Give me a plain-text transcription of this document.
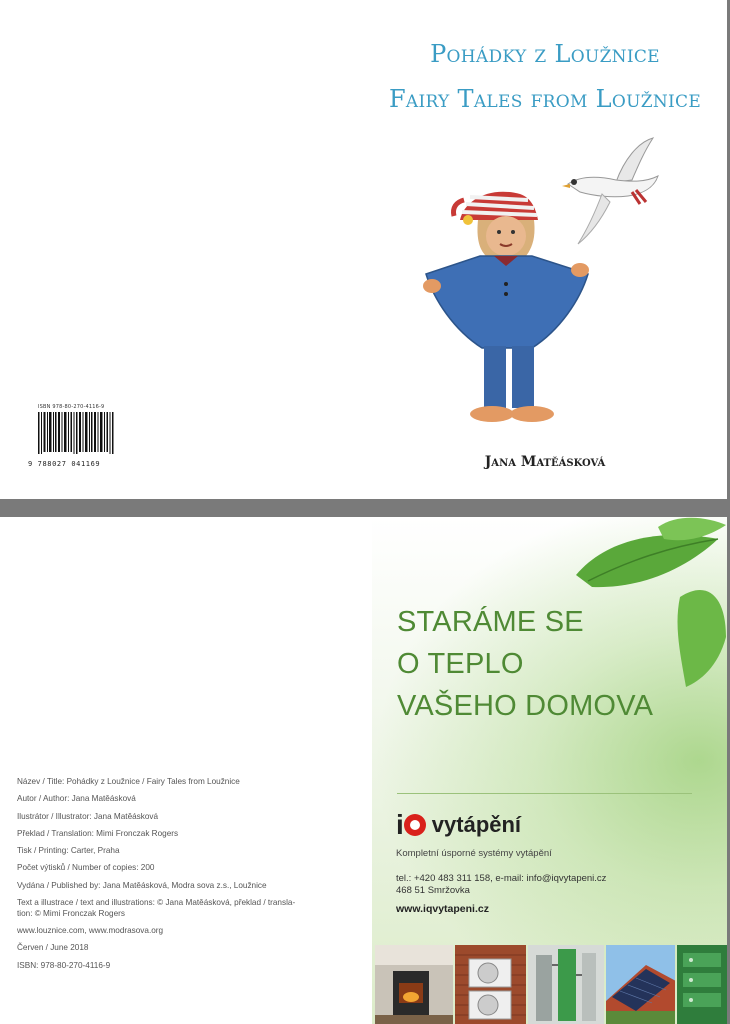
Pohádky z Loužnice
Fairy Tales from Loužnice
ISBN 978-80-270-4116-9
9 788027 041169	Jana Matěásková
Název / Title: Pohádky z Loužnice / Fairy Tales from Loužnice
Autor / Author: Jana Matěásková
Ilustrátor / Illustrator: Jana Matěásková
Překlad / Translation: Mimi Fronczak Rogers
Tisk / Printing: Carter, Praha
Počet výtisků / Number of copies: 200
Vydána / Published by: Jana Matěásková, Modra sova z.s., Loužnice
Text a illustrace / text and illustrations: © Jana Matěásková, překlad / transla-
tion: © Mimi Fronczak Rogers
www.louznice.com, www.modrasova.org
Červen / June 2018
ISBN: 978-80-270-4116-9
STARÁME SE
O TEPLO
VAŠEHO DOMOVA
i vytápění
Kompletní úsporné systémy vytápění
tel.: +420 483 311 158, e-mail: info@iqvytapeni.cz
468 51 Smržovka
www.iqvytapeni.cz
